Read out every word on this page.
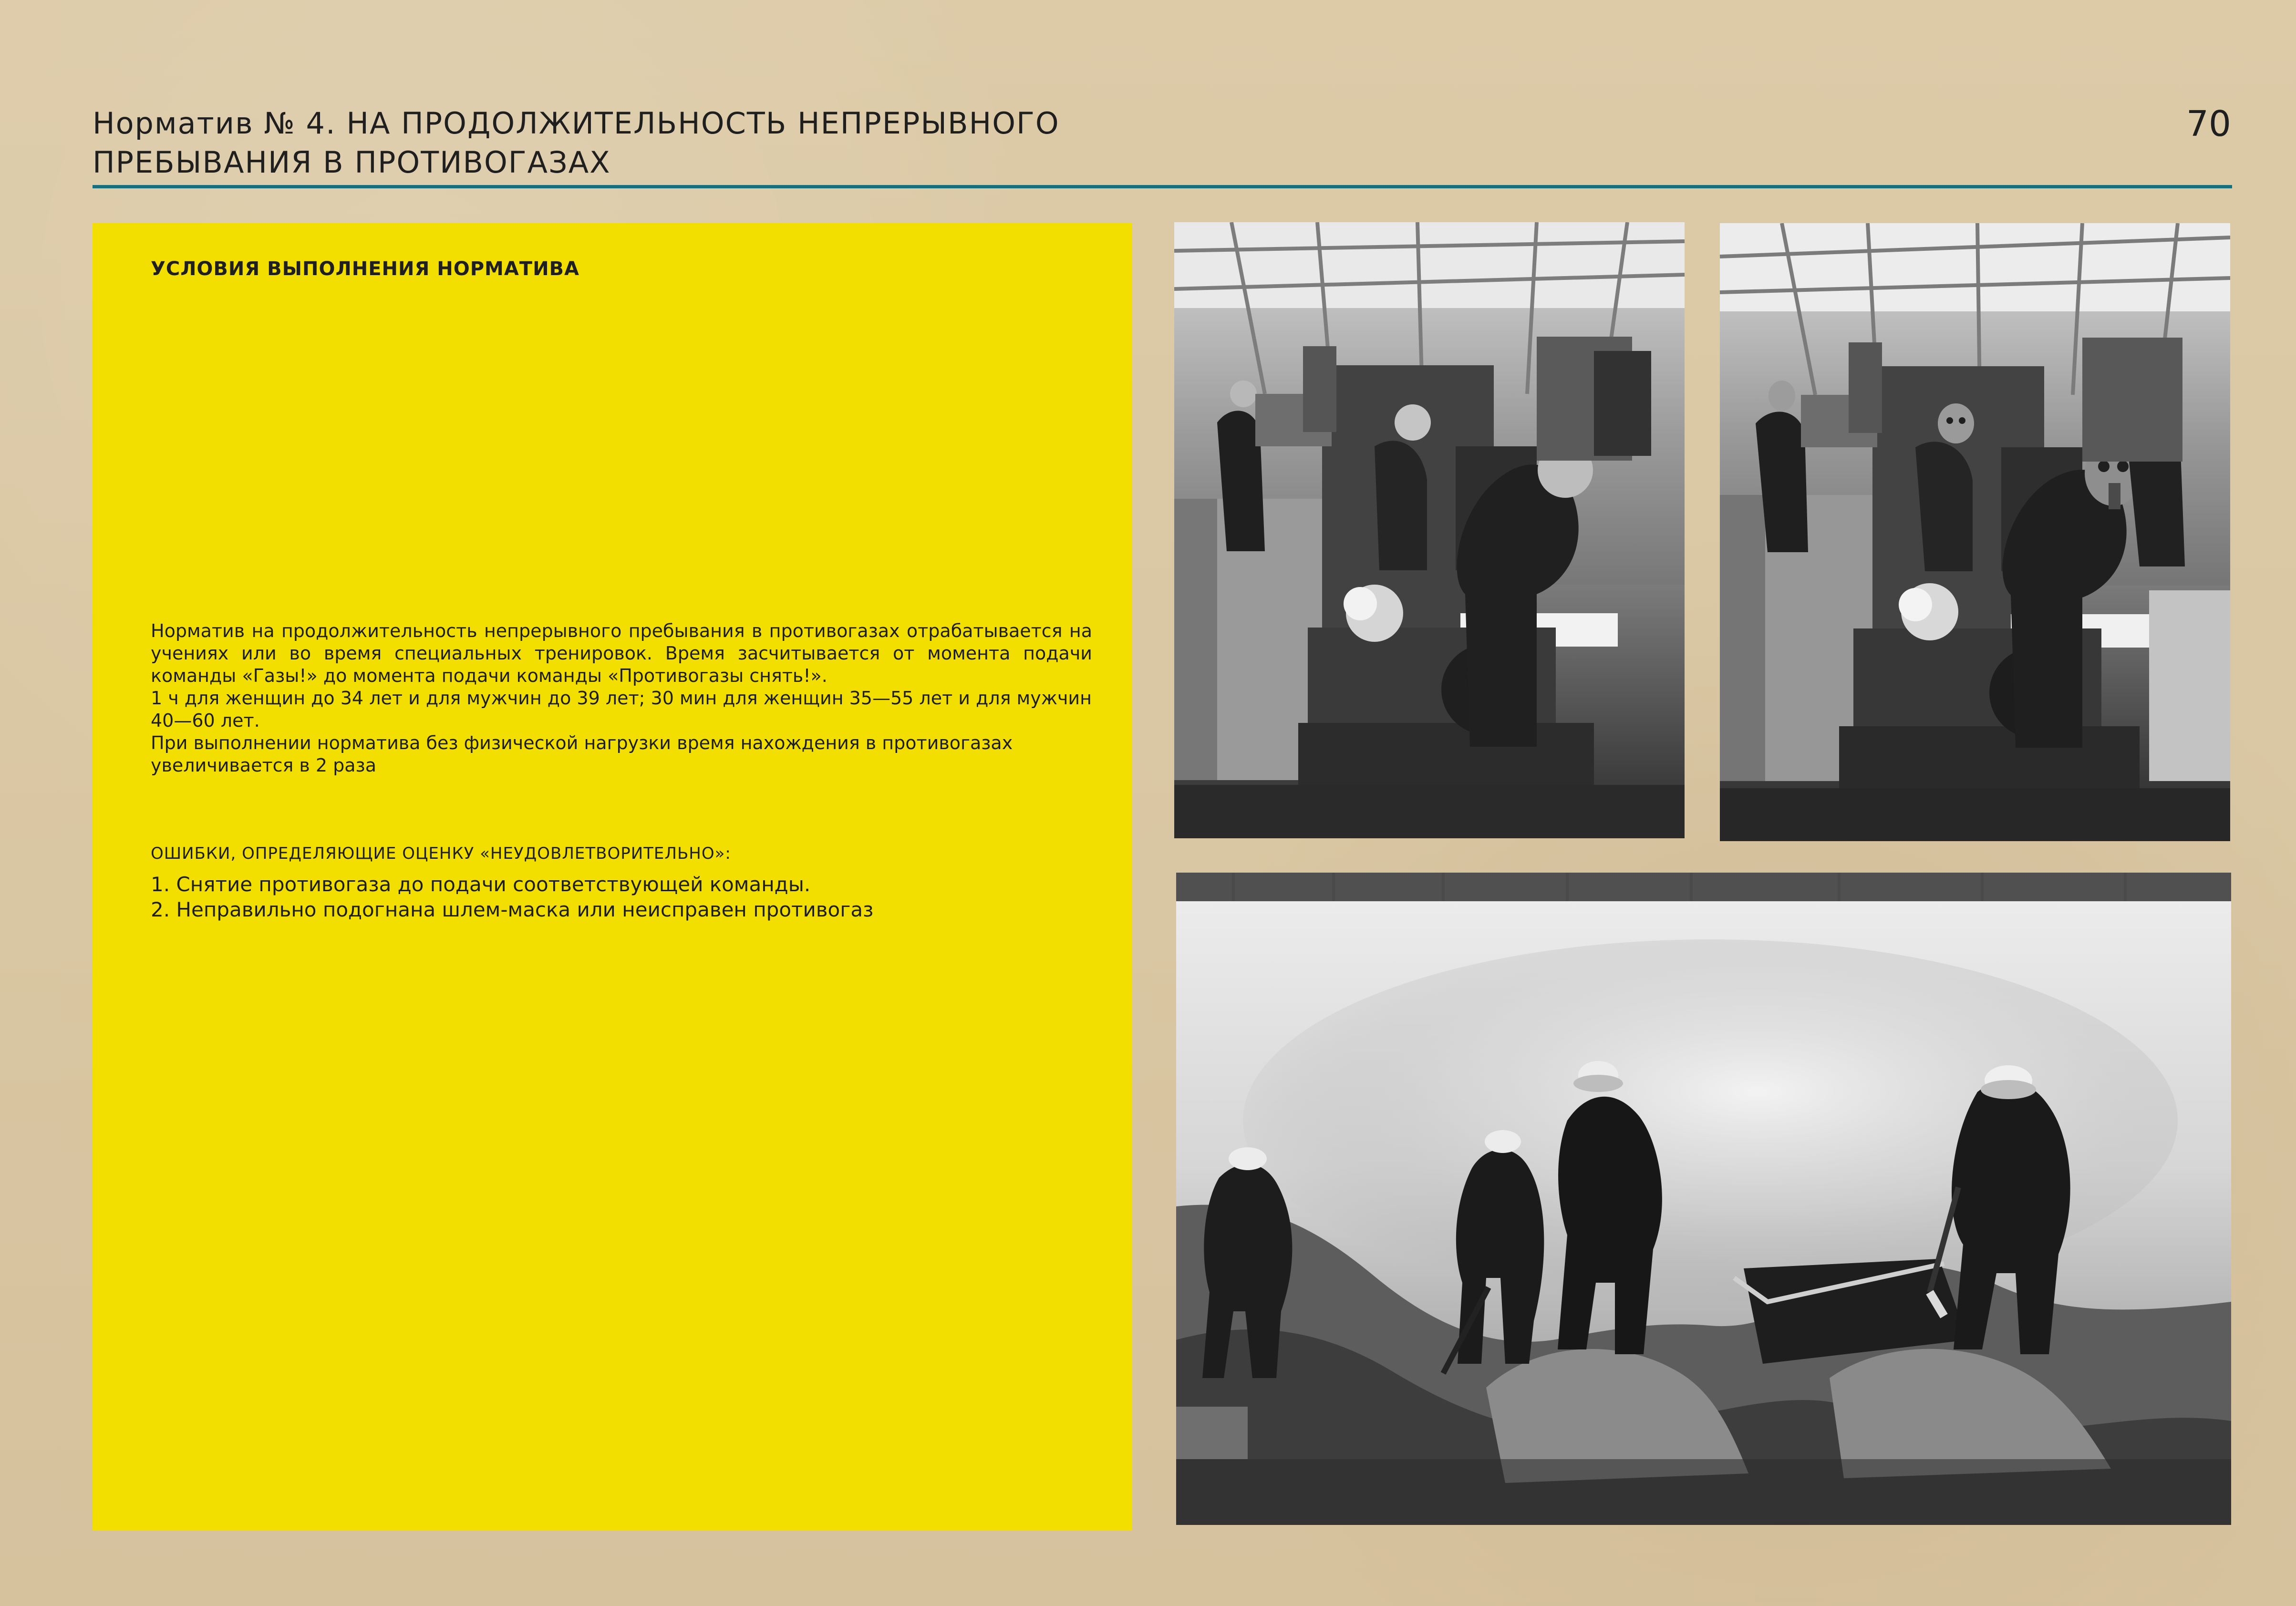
Норматив № 4. НА ПРОДОЛЖИТЕЛЬНОСТЬ НЕПРЕРЫВНОГО
ПРЕБЫВАНИЯ В ПРОТИВОГАЗАХ
70
УСЛОВИЯ ВЫПОЛНЕНИЯ НОРМАТИВА

Норматив на продолжительность непрерывного пребывания в противогазах отрабатывается на учениях или во время специальных тренировок. Время засчитывается от момента подачи команды «Газы!» до момента подачи команды «Противогазы снять!».

1 ч для женщин до 34 лет и для мужчин до 39 лет; 30 мин для женщин 35—55 лет и для мужчин 40—60 лет.

При выполнении норматива без физической нагрузки время нахождения в противогазах увеличивается в 2 раза

ОШИБКИ, ОПРЕДЕЛЯЮЩИЕ ОЦЕНКУ «НЕУДОВЛЕТВОРИТЕЛЬНО»:
1. Снятие противогаза до подачи соответствующей команды.
2. Неправильно подогнана шлем-маска или неисправен противогаз
